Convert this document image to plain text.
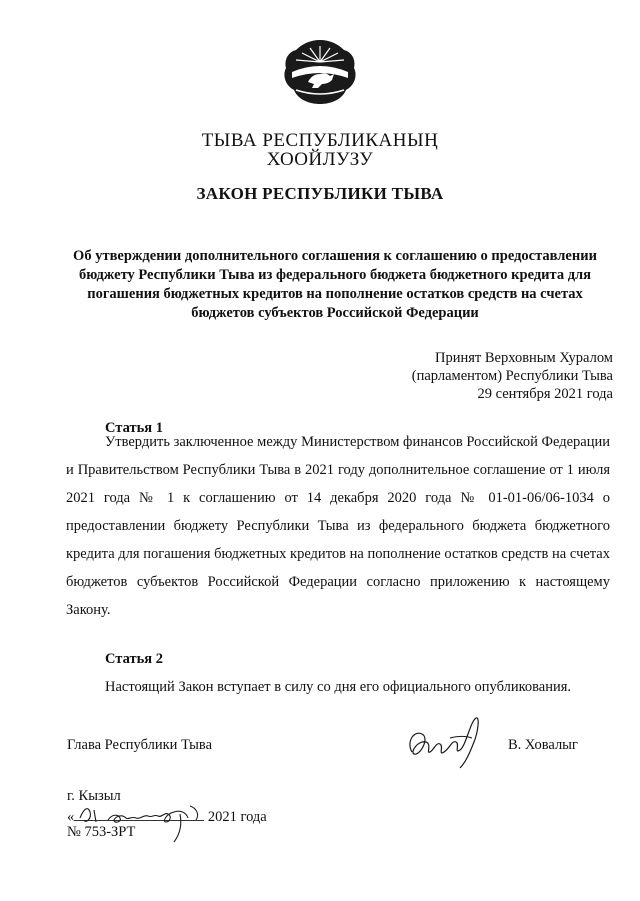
ТЫВА РЕСПУБЛИКАНЫҢ
ХООЙЛУЗУ
ЗАКОН РЕСПУБЛИКИ ТЫВА
Об утверждении дополнительного соглашения к соглашению о предоставлении
бюджету Республики Тыва из федерального бюджета бюджетного кредита для
погашения бюджетных кредитов на пополнение остатков средств на счетах
бюджетов субъектов Российской Федерации
Принят Верховным Хуралом
(парламентом) Республики Тыва
29 сентября 2021 года
Статья 1
Утвердить заключенное между Министерством финансов Российской Федерации и Правительством Республики Тыва в 2021 году дополнительное соглашение от 1 июля 2021 года № 1 к соглашению от 14 декабря 2020 года № 01-01-06/06-1034 о предоставлении бюджету Республики Тыва из федерального бюджета бюджетного кредита для погашения бюджетных кредитов на пополнение остатков средств на счетах бюджетов субъектов Российской Федерации согласно приложению к настоящему Закону.
Статья 2
Настоящий Закон вступает в силу со дня его официального опубликования.
Глава Республики Тыва	В. Ховалыг
г. Кызыл
«	2021 года
№ 753-ЗРТ
